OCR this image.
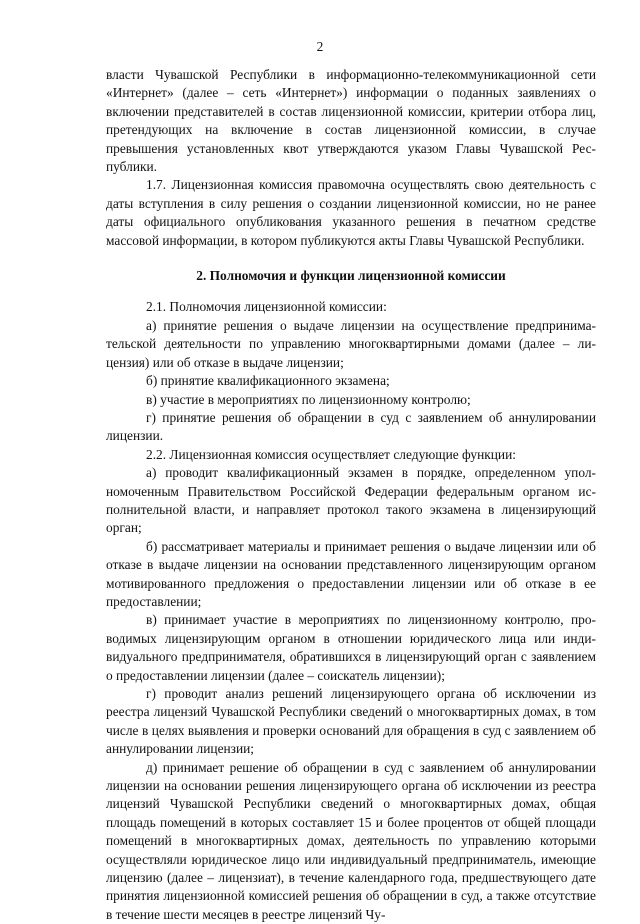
2

власти Чувашской Республики в информационно-телекоммуникационной сети «Интернет» (далее – сеть «Интернет») информации о поданных заявлениях о включении представителей в состав лицензионной комиссии, критерии отбора лиц, претендующих на включение в состав лицензионной комиссии, в случае превышения установленных квот утверждаются указом Главы Чувашской Республики.

1.7. Лицензионная комиссия правомочна осуществлять свою деятельность с даты вступления в силу решения о создании лицензионной комиссии, но не ранее даты официального опубликования указанного решения в печатном средстве массовой информации, в котором публикуются акты Главы Чувашской Республики.

2. Полномочия и функции лицензионной комиссии

2.1. Полномочия лицензионной комиссии:

а) принятие решения о выдаче лицензии на осуществление предпринимательской деятельности по управлению многоквартирными домами (далее – лицензия) или об отказе в выдаче лицензии;

б) принятие квалификационного экзамена;

в) участие в мероприятиях по лицензионному контролю;

г) принятие решения об обращении в суд с заявлением об аннулировании лицензии.

2.2. Лицензионная комиссия осуществляет следующие функции:

а) проводит квалификационный экзамен в порядке, определенном уполномоченным Правительством Российской Федерации федеральным органом исполнительной власти, и направляет протокол такого экзамена в лицензирующий орган;

б) рассматривает материалы и принимает решения о выдаче лицензии или об отказе в выдаче лицензии на основании представленного лицензирующим органом мотивированного предложения о предоставлении лицензии или об отказе в ее предоставлении;

в) принимает участие в мероприятиях по лицензионному контролю, проводимых лицензирующим органом в отношении юридического лица или индивидуального предпринимателя, обратившихся в лицензирующий орган с заявлением о предоставлении лицензии (далее – соискатель лицензии);

г) проводит анализ решений лицензирующего органа об исключении из реестра лицензий Чувашской Республики сведений о многоквартирных домах, в том числе в целях выявления и проверки оснований для обращения в суд с заявлением об аннулировании лицензии;

д) принимает решение об обращении в суд с заявлением об аннулировании лицензии на основании решения лицензирующего органа об исключении из реестра лицензий Чувашской Республики сведений о многоквартирных домах, общая площадь помещений в которых составляет 15 и более процентов от общей площади помещений в многоквартирных домах, деятельность по управлению которыми осуществляли юридическое лицо или индивидуальный предприниматель, имеющие лицензию (далее – лицензиат), в течение календарного года, предшествующего дате принятия лицензионной комиссией решения об обращении в суд, а также отсутствие в течение шести месяцев в реестре лицензий Чу-
